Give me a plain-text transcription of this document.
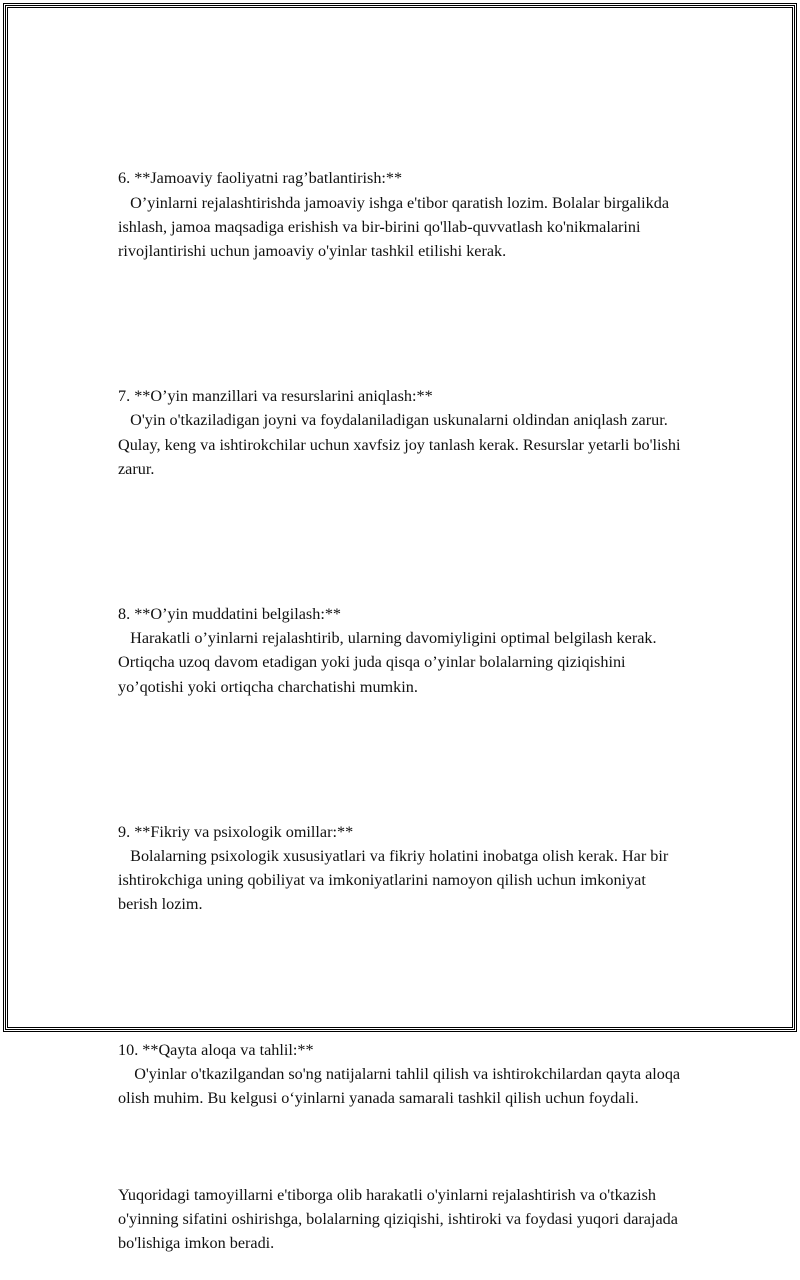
6. **Jamoaviy faoliyatni rag’batlantirish:**
O’yinlarni rejalashtirishda jamoaviy ishga e'tibor qaratish lozim. Bolalar birgalikda ishlash, jamoa maqsadiga erishish va bir-birini qo'llab-quvvatlash ko'nikmalarini rivojlantirishi uchun jamoaviy o'yinlar tashkil etilishi kerak.

7. **O’yin manzillari va resurslarini aniqlash:**
O'yin o'tkaziladigan joyni va foydalaniladigan uskunalarni oldindan aniqlash zarur. Qulay, keng va ishtirokchilar uchun xavfsiz joy tanlash kerak. Resurslar yetarli bo'lishi zarur.

8. **O’yin muddatini belgilash:**
Harakatli o’yinlarni rejalashtirib, ularning davomiyligini optimal belgilash kerak. Ortiqcha uzoq davom etadigan yoki juda qisqa o’yinlar bolalarning qiziqishini yo’qotishi yoki ortiqcha charchatishi mumkin.

9. **Fikriy va psixologik omillar:**
Bolalarning psixologik xususiyatlari va fikriy holatini inobatga olish kerak. Har bir ishtirokchiga uning qobiliyat va imkoniyatlarini namoyon qilish uchun imkoniyat berish lozim.

10. **Qayta aloqa va tahlil:**
O'yinlar o'tkazilgandan so'ng natijalarni tahlil qilish va ishtirokchilardan qayta aloqa olish muhim. Bu kelgusi o‘yinlarni yanada samarali tashkil qilish uchun foydali.

Yuqoridagi tamoyillarni e'tiborga olib harakatli o'yinlarni rejalashtirish va o'tkazish o'yinning sifatini oshirishga, bolalarning qiziqishi, ishtiroki va foydasi yuqori darajada bo'lishiga imkon beradi.
